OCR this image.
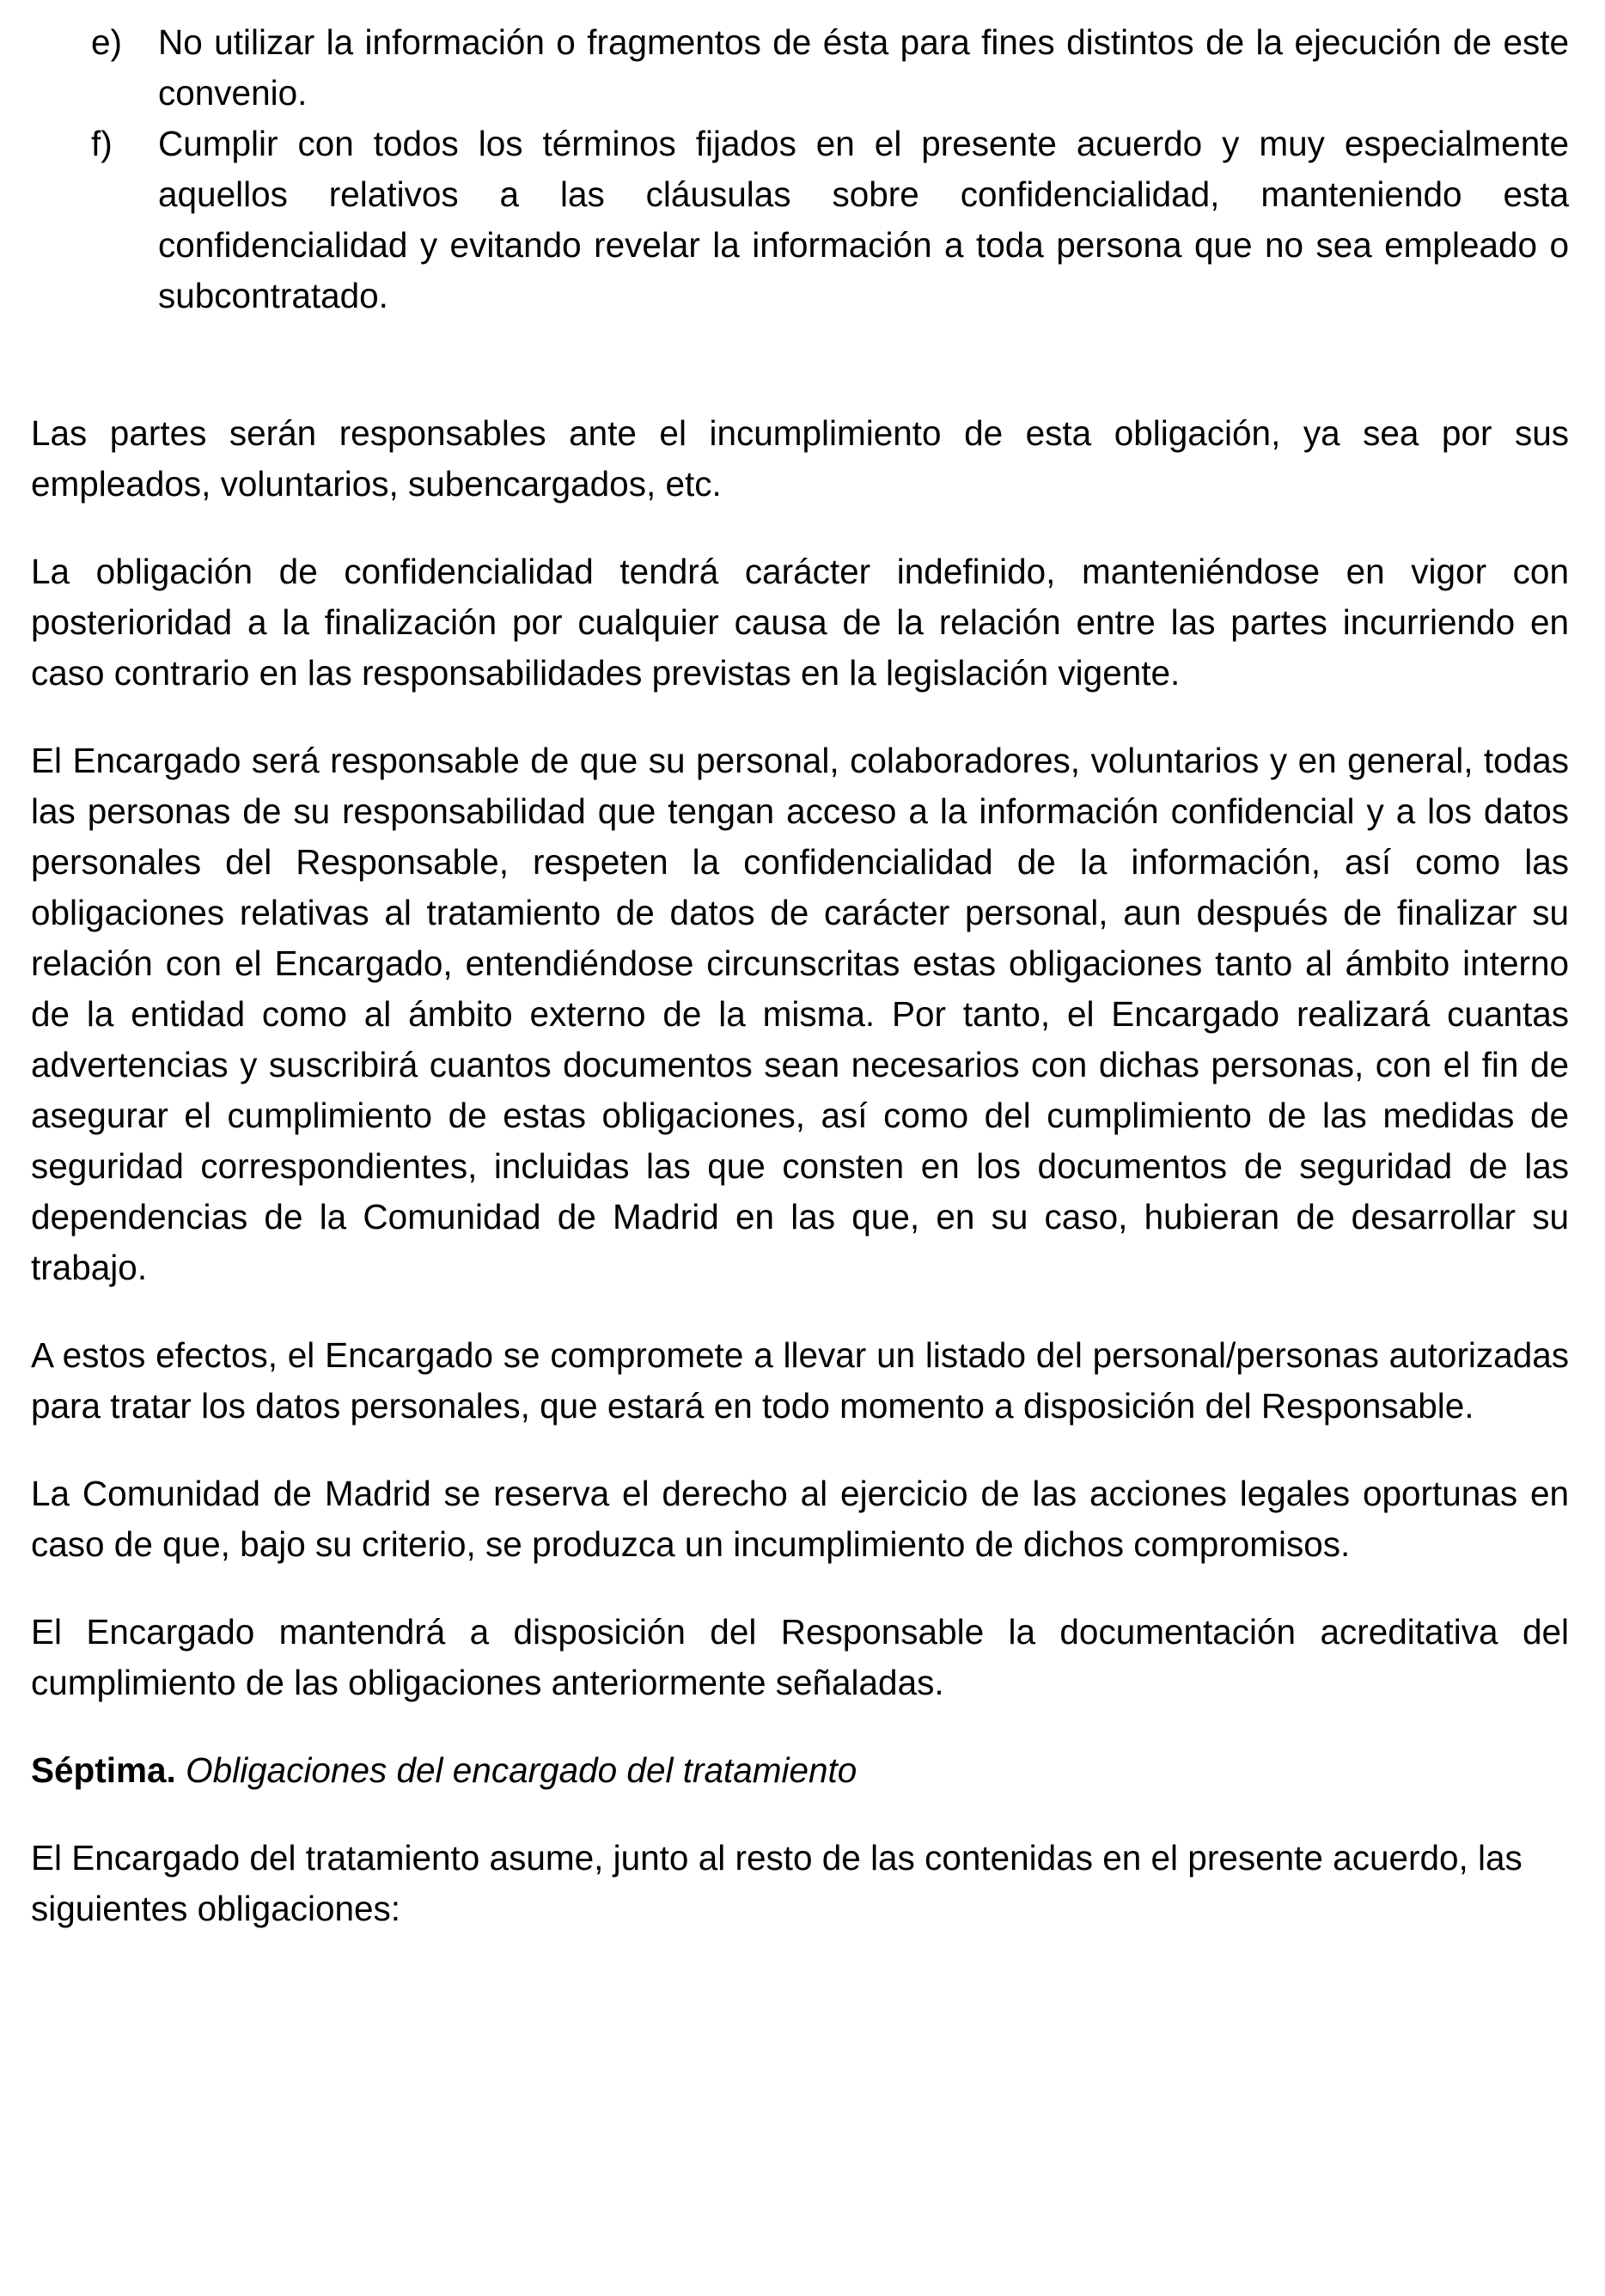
e) No utilizar la información o fragmentos de ésta para fines distintos de la ejecución de este convenio.
f) Cumplir con todos los términos fijados en el presente acuerdo y muy especialmente aquellos relativos a las cláusulas sobre confidencialidad, manteniendo esta confidencialidad y evitando revelar la información a toda persona que no sea empleado o subcontratado.

Las partes serán responsables ante el incumplimiento de esta obligación, ya sea por sus empleados, voluntarios, subencargados, etc.

La obligación de confidencialidad tendrá carácter indefinido, manteniéndose en vigor con posterioridad a la finalización por cualquier causa de la relación entre las partes incurriendo en caso contrario en las responsabilidades previstas en la legislación vigente.

El Encargado será responsable de que su personal, colaboradores, voluntarios y en general, todas las personas de su responsabilidad que tengan acceso a la información confidencial y a los datos personales del Responsable, respeten la confidencialidad de la información, así como las obligaciones relativas al tratamiento de datos de carácter personal, aun después de finalizar su relación con el Encargado, entendiéndose circunscritas estas obligaciones tanto al ámbito interno de la entidad como al ámbito externo de la misma. Por tanto, el Encargado realizará cuantas advertencias y suscribirá cuantos documentos sean necesarios con dichas personas, con el fin de asegurar el cumplimiento de estas obligaciones, así como del cumplimiento de las medidas de seguridad correspondientes, incluidas las que consten en los documentos de seguridad de las dependencias de la Comunidad de Madrid en las que, en su caso, hubieran de desarrollar su trabajo.

A estos efectos, el Encargado se compromete a llevar un listado del personal/personas autorizadas para tratar los datos personales, que estará en todo momento a disposición del Responsable.

La Comunidad de Madrid se reserva el derecho al ejercicio de las acciones legales oportunas en caso de que, bajo su criterio, se produzca un incumplimiento de dichos compromisos.

El Encargado mantendrá a disposición del Responsable la documentación acreditativa del cumplimiento de las obligaciones anteriormente señaladas.

Séptima. Obligaciones del encargado del tratamiento

El Encargado del tratamiento asume, junto al resto de las contenidas en el presente acuerdo, las siguientes obligaciones:
